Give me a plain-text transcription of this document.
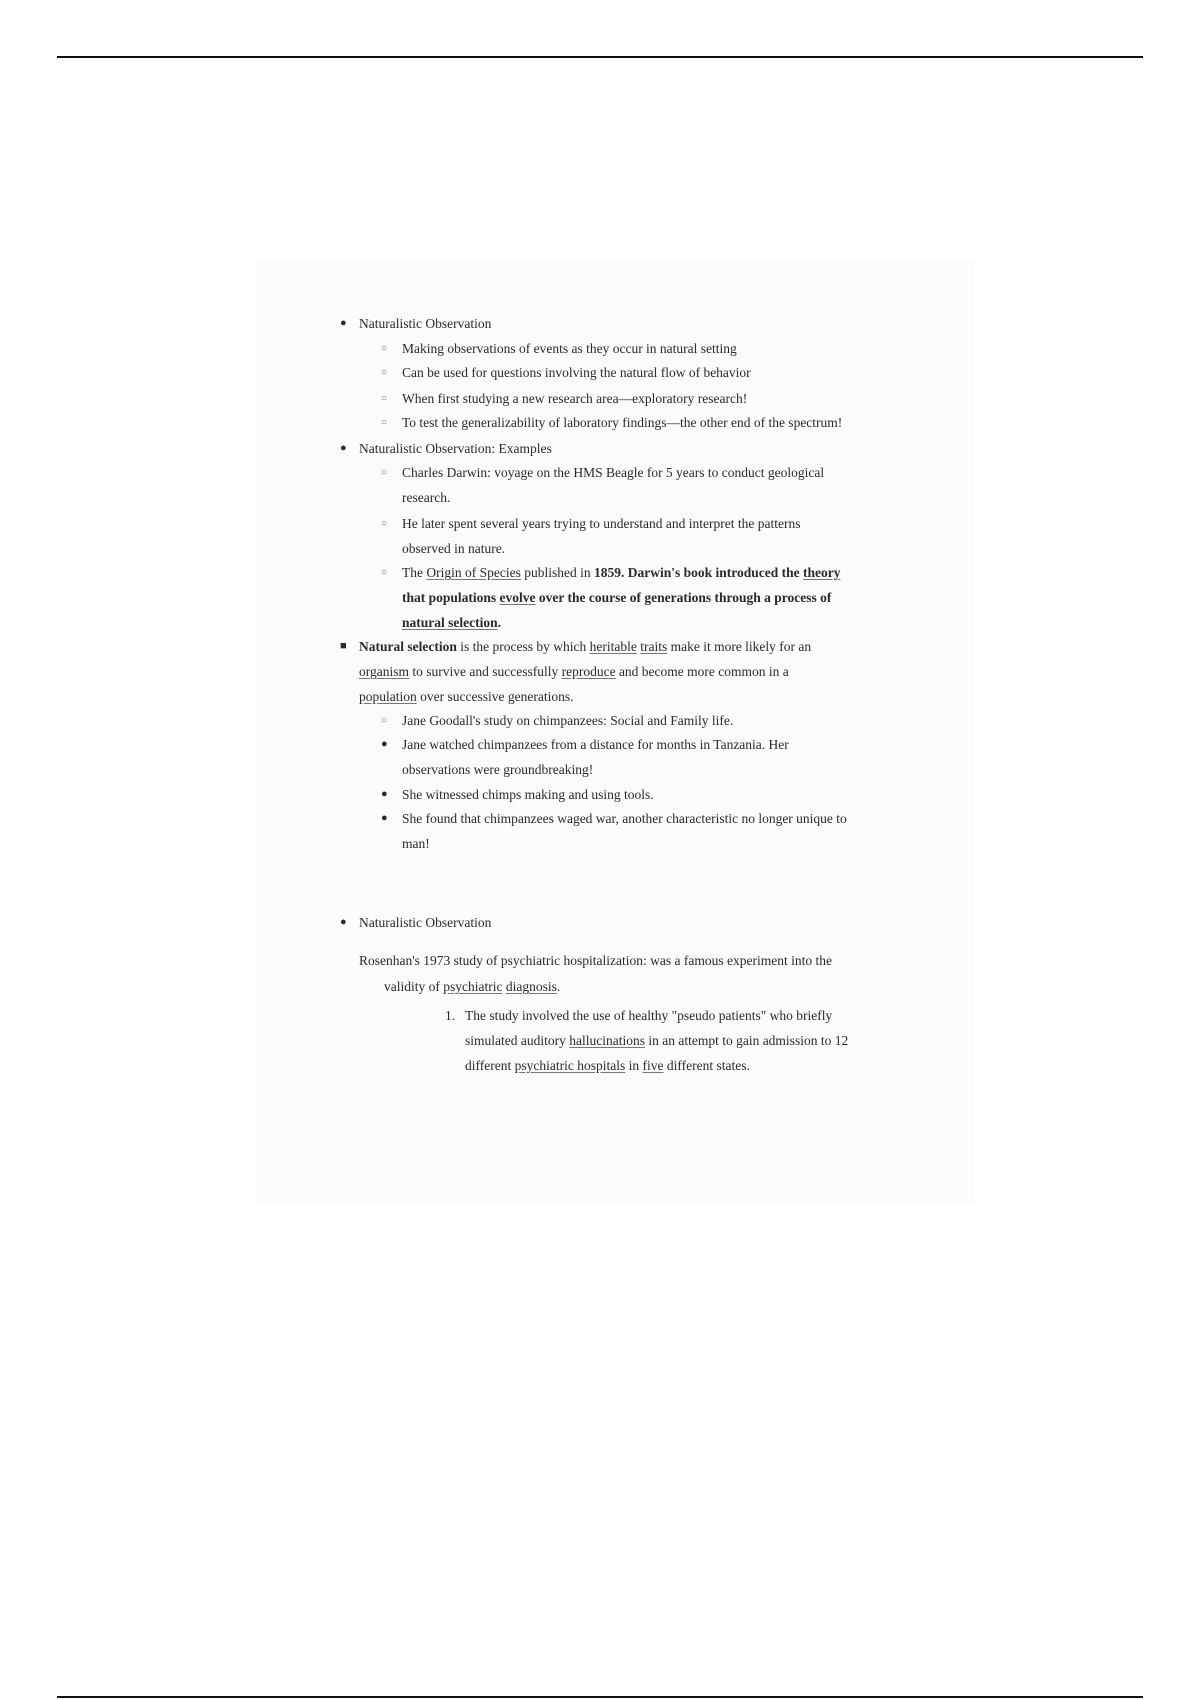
● Naturalistic Observation
○ Making observations of events as they occur in natural setting
○ Can be used for questions involving the natural flow of behavior
○ When first studying a new research area—exploratory research!
○ To test the generalizability of laboratory findings—the other end of the spectrum!
● Naturalistic Observation: Examples
○ Charles Darwin: voyage on the HMS Beagle for 5 years to conduct geological
research.
○ He later spent several years trying to understand and interpret the patterns
observed in nature.
○ The Origin of Species published in 1859. Darwin's book introduced the theory
that populations evolve over the course of generations through a process of
natural selection.
■ Natural selection is the process by which heritable traits make it more likely for an
organism to survive and successfully reproduce and become more common in a
population over successive generations.
○ Jane Goodall's study on chimpanzees: Social and Family life.
● Jane watched chimpanzees from a distance for months in Tanzania. Her
observations were groundbreaking!
● She witnessed chimps making and using tools.
● She found that chimpanzees waged war, another characteristic no longer unique to
man!
● Naturalistic Observation
Rosenhan's 1973 study of psychiatric hospitalization: was a famous experiment into the
validity of psychiatric diagnosis.
1. The study involved the use of healthy "pseudo patients" who briefly
simulated auditory hallucinations in an attempt to gain admission to 12
different psychiatric hospitals in five different states.
